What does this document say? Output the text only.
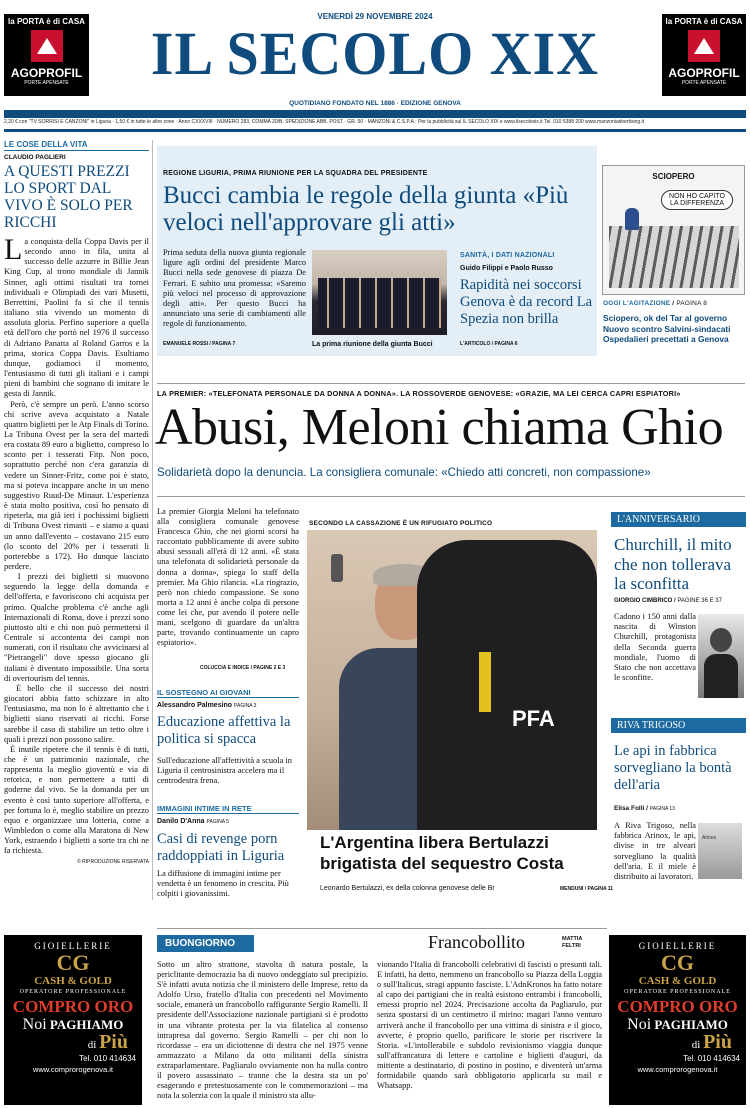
la PORTA è di CASA
AGOPROFIL
PORTE APENSATE
la PORTA è di CASA
AGOPROFIL
PORTE APENSATE
VENERDÌ 29 NOVEMBRE 2024
IL SECOLO XIX
QUOTIDIANO FONDATO NEL 1886 · EDIZIONE GENOVA
2,20 € con "TV SORRISI E CANZONI" in Liguria · 1,50 € in tutte le altre zone · Anno CXXXVIII · NUMERO 283, COMMA 20/B. SPEDIZIONE ABB. POST · GR. 50 · MANZONI & C.S.P.A.: Per la pubblicità sul IL SECOLO XIX e www.ilsecoloxix.it Tel. 010 5388 200 www.manzoniadvertising.it
LE COSE DELLA VITA
CLAUDIO PAGLIERI
A QUESTI PREZZI LO SPORT DAL VIVO È SOLO PER RICCHI
L a conquista della Coppa Davis per il secondo anno in fila, unita al successo delle azzurre in Billie Jean King Cup, al trono mondiale di Jannik Sinner, agli ottimi risultati tra tornei individuali e Olimpiadi dei vari Musetti, Berrettini, Paolini fa sì che il tennis italiano stia vivendo un momento di assoluta gloria. Perfino superiore a quella età dell'oro che portò nel 1976 il successo di Adriano Panatta al Roland Garros e la prima, storica Coppa Davis. Esultiamo dunque, godiamoci il momento, l'entusiasmo di tutti gli italiani e i campi pieni di bambini che sognano di imitare le gesta di Jannik.
Però, c'è sempre un però. L'anno scorso chi scrive aveva acquistato a Natale quattro biglietti per le Atp Finals di Torino. La Tribuna Ovest per la sera del martedì era costata 89 euro a biglietto, compreso lo sconto per i tesserati Fitp. Non poco, soprattutto perché non c'era garanzia di vedere un Sinner-Fritz, come poi è stato, ma si poteva incappare anche in un meno suggestivo Ruud-De Minaur. L'esperienza è stata molto positiva, così ho pensato di ripeterla, ma già ieri i pochissimi biglietti di Tribuna Ovest rimasti – e siamo a quasi un anno dall'evento – costavano 215 euro (lo sconto del 20% per i tesserati li porterebbe a 172). Ho dunque lasciato perdere.
I prezzi dei biglietti si muovono seguendo la legge della domanda e dell'offerta, e favoriscono chi acquista per primo. Qualche problema c'è anche agli Internazionali di Roma, dove i prezzi sono piuttosto alti e chi non può permettersi il Centrale si accontenta dei campi non numerati, con il risultato che avvicinarsi al "Pietrangeli" dove spesso giocano gli italiani è diventato impossibile. Una sorta di overtourism del tennis.
È bello che il successo dei nostri giocatori abbia fatto schizzare in alto l'entusiasmo, ma non lo è altrettanto che i biglietti siano riservati ai ricchi. Forse sarebbe il caso di stabilire un tetto oltre i quali i prezzi non possono salire.
È inutile ripetere che il tennis è di tutti, che è un patrimonio nazionale, che rappresenta la meglio gioventù e via di retorica, e non permettere a tutti di goderne dal vivo. Se la domanda per un evento è così tanto superiore all'offerta, e per fortuna lo è, meglio stabilire un prezzo equo e organizzare una lotteria, come a Wimbledon o come alla Maratona di New York, estraendo i biglietti a sorte tra chi ne fa richiesta.
© RIPRODUZIONE RISERVATA
REGIONE LIGURIA, PRIMA RIUNIONE PER LA SQUADRA DEL PRESIDENTE
Bucci cambia le regole della giunta «Più veloci nell'approvare gli atti»
Prima seduta della nuova giunta regionale ligure agli ordini del presidente Marco Bucci nella sede genovese di piazza De Ferrari. E subito una promessa: «Saremo più veloci nel processo di approvazione degli atti». Per questo Bucci ha annunciato una serie di cambiamenti alle regole di funzionamento.
EMANUELE ROSSI / PAGINA 7	La prima riunione della giunta Bucci
SANITÀ, I DATI NAZIONALI
Guido Filippi e Paolo Russo
Rapidità nei soccorsi Genova è da record La Spezia non brilla
L'ARTICOLO / PAGINA 6
SCIOPERO
NON HO CAPITO LA DIFFERENZA
OGGI L'AGITAZIONE / PAGINA 8
Sciopero, ok del Tar al governo Nuovo scontro Salvini-sindacati Ospedalieri precettati a Genova
LA PREMIER: «TELEFONATA PERSONALE DA DONNA A DONNA». LA ROSSOVERDE GENOVESE: «GRAZIE, MA LEI CERCA CAPRI ESPIATORI»
Abusi, Meloni chiama Ghio
Solidarietà dopo la denuncia. La consigliera comunale: «Chiedo atti concreti, non compassione»
La premier Giorgia Meloni ha telefonato alla consigliera comunale genovese Francesca Ghio, che nei giorni scorsi ha raccontato pubblicamente di avere subito abusi sessuali all'età di 12 anni. «È stata una telefonata di solidarietà personale da donna a donna», spiega lo staff della premier. Ma Ghio rilancia. «La ringrazio, però non chiedo compassione. Se sono morta a 12 anni è anche colpa di persone come lei che, pur avendo il potere nelle mani, scelgono di guardare da un'altra parte, trovando continuamente un capro espiatorio».
COLUCCIA E INDICE / PAGINE 2 E 3
IL SOSTEGNO AI GIOVANI
Alessandro Palmesino PAGINA 3
Educazione affettiva la politica si spacca
Sull'educazione all'affettività a scuola in Liguria il centrosinistra accelera ma il centrodestra frena.
IMMAGINI INTIME IN RETE
Danilo D'Anna PAGINA 5
Casi di revenge porn raddoppiati in Liguria
La diffusione di immagini intime per vendetta è un fenomeno in crescita. Più colpiti i giovanissimi.
SECONDO LA CASSAZIONE È UN RIFUGIATO POLITICO
PFA
L'Argentina libera Bertulazzi brigatista del sequestro Costa
Leonardo Bertulazzi, ex della colonna genovese delle Br	MENDUNI / PAGINA 11
L'ANNIVERSARIO
Churchill, il mito che non tollerava la sconfitta
GIORGIO CIMBRICO / PAGINE 36 E 37
Cadono i 150 anni dalla nascita di Winston Churchill, protagonista della Seconda guerra mondiale, l'uomo di Stato che non accettava le sconfitte.
RIVA TRIGOSO
Le api in fabbrica sorvegliano la bontà dell'aria
Elisa Folli / PAGINA 13
A Riva Trigoso, nella fabbrica Arinox, le api, divise in tre alveari sorvegliano la qualità dell'aria. E il miele è distribuito ai lavoratori.
Arinox
BUONGIORNO	Francobollito	MATTIA FELTRI
Sotto un altro strattone, stavolta di natura postale, la periclitante democrazia ha di nuovo ondeggiato sul precipizio. S'è infatti avuta notizia che il ministero delle Imprese, retto da Adolfo Urso, fratello d'Italia con precedenti nel Movimento sociale, emanerà un francobollo raffigurante Sergio Ramelli. Il presidente dell'Associazione nazionale partigiani si è prodotto in una vibrante protesta per la via filatelica al consenso intrapresa dal governo. Sergio Ramelli – per chi non lo ricordasse – era un diciottenne di destra che nel 1975 venne ammazzato a Milano da otto militanti della sinistra extraparlamentare. Pagliarulo ovviamente non ha nulla contro il povero assassinato – tranne che la destra sta un po' esagerando e pretestuosamente con le commemorazioni – ma nota la solerzia con la quale il ministro sta allu-
vionando l'Italia di francobolli celebrativi di fascisti o presunti tali. E infatti, ha detto, nemmeno un francobollo su Piazza della Loggia o sull'Italicus, stragi appunto fasciste. L'AdnKronos ha fatto notare al capo dei partigiani che in realtà esistono entrambi i francobolli, emessi proprio nel 2024. Precisazione accolta da Pagliarulo, pur senza spostarsi di un centimetro il mirino: magari l'anno venturo arriverà anche il francobollo per una vittima di sinistra e il gioco, avverte, è proprio quello, parificare le storie per riscrivere la Storia. «L'intollerabile e subdolo revisionismo viaggia dunque sull'affrancatura di lettere e cartoline e biglietti d'auguri, da mittente a destinatario, di postino in postino, e diventerà un'arma formidabile quando sarà obbligatorio applicarla su mail e Whatsapp.
GIOIELLERIE
CG
CASH & GOLD
OPERATORE PROFESSIONALE
COMPRO ORO
Noi PAGHIAMO
di Più
Tel. 010 414634
www.comprorogenova.it
GIOIELLERIE
CG
CASH & GOLD
OPERATORE PROFESSIONALE
COMPRO ORO
Noi PAGHIAMO
di Più
Tel. 010 414634
www.comprorogenova.it
